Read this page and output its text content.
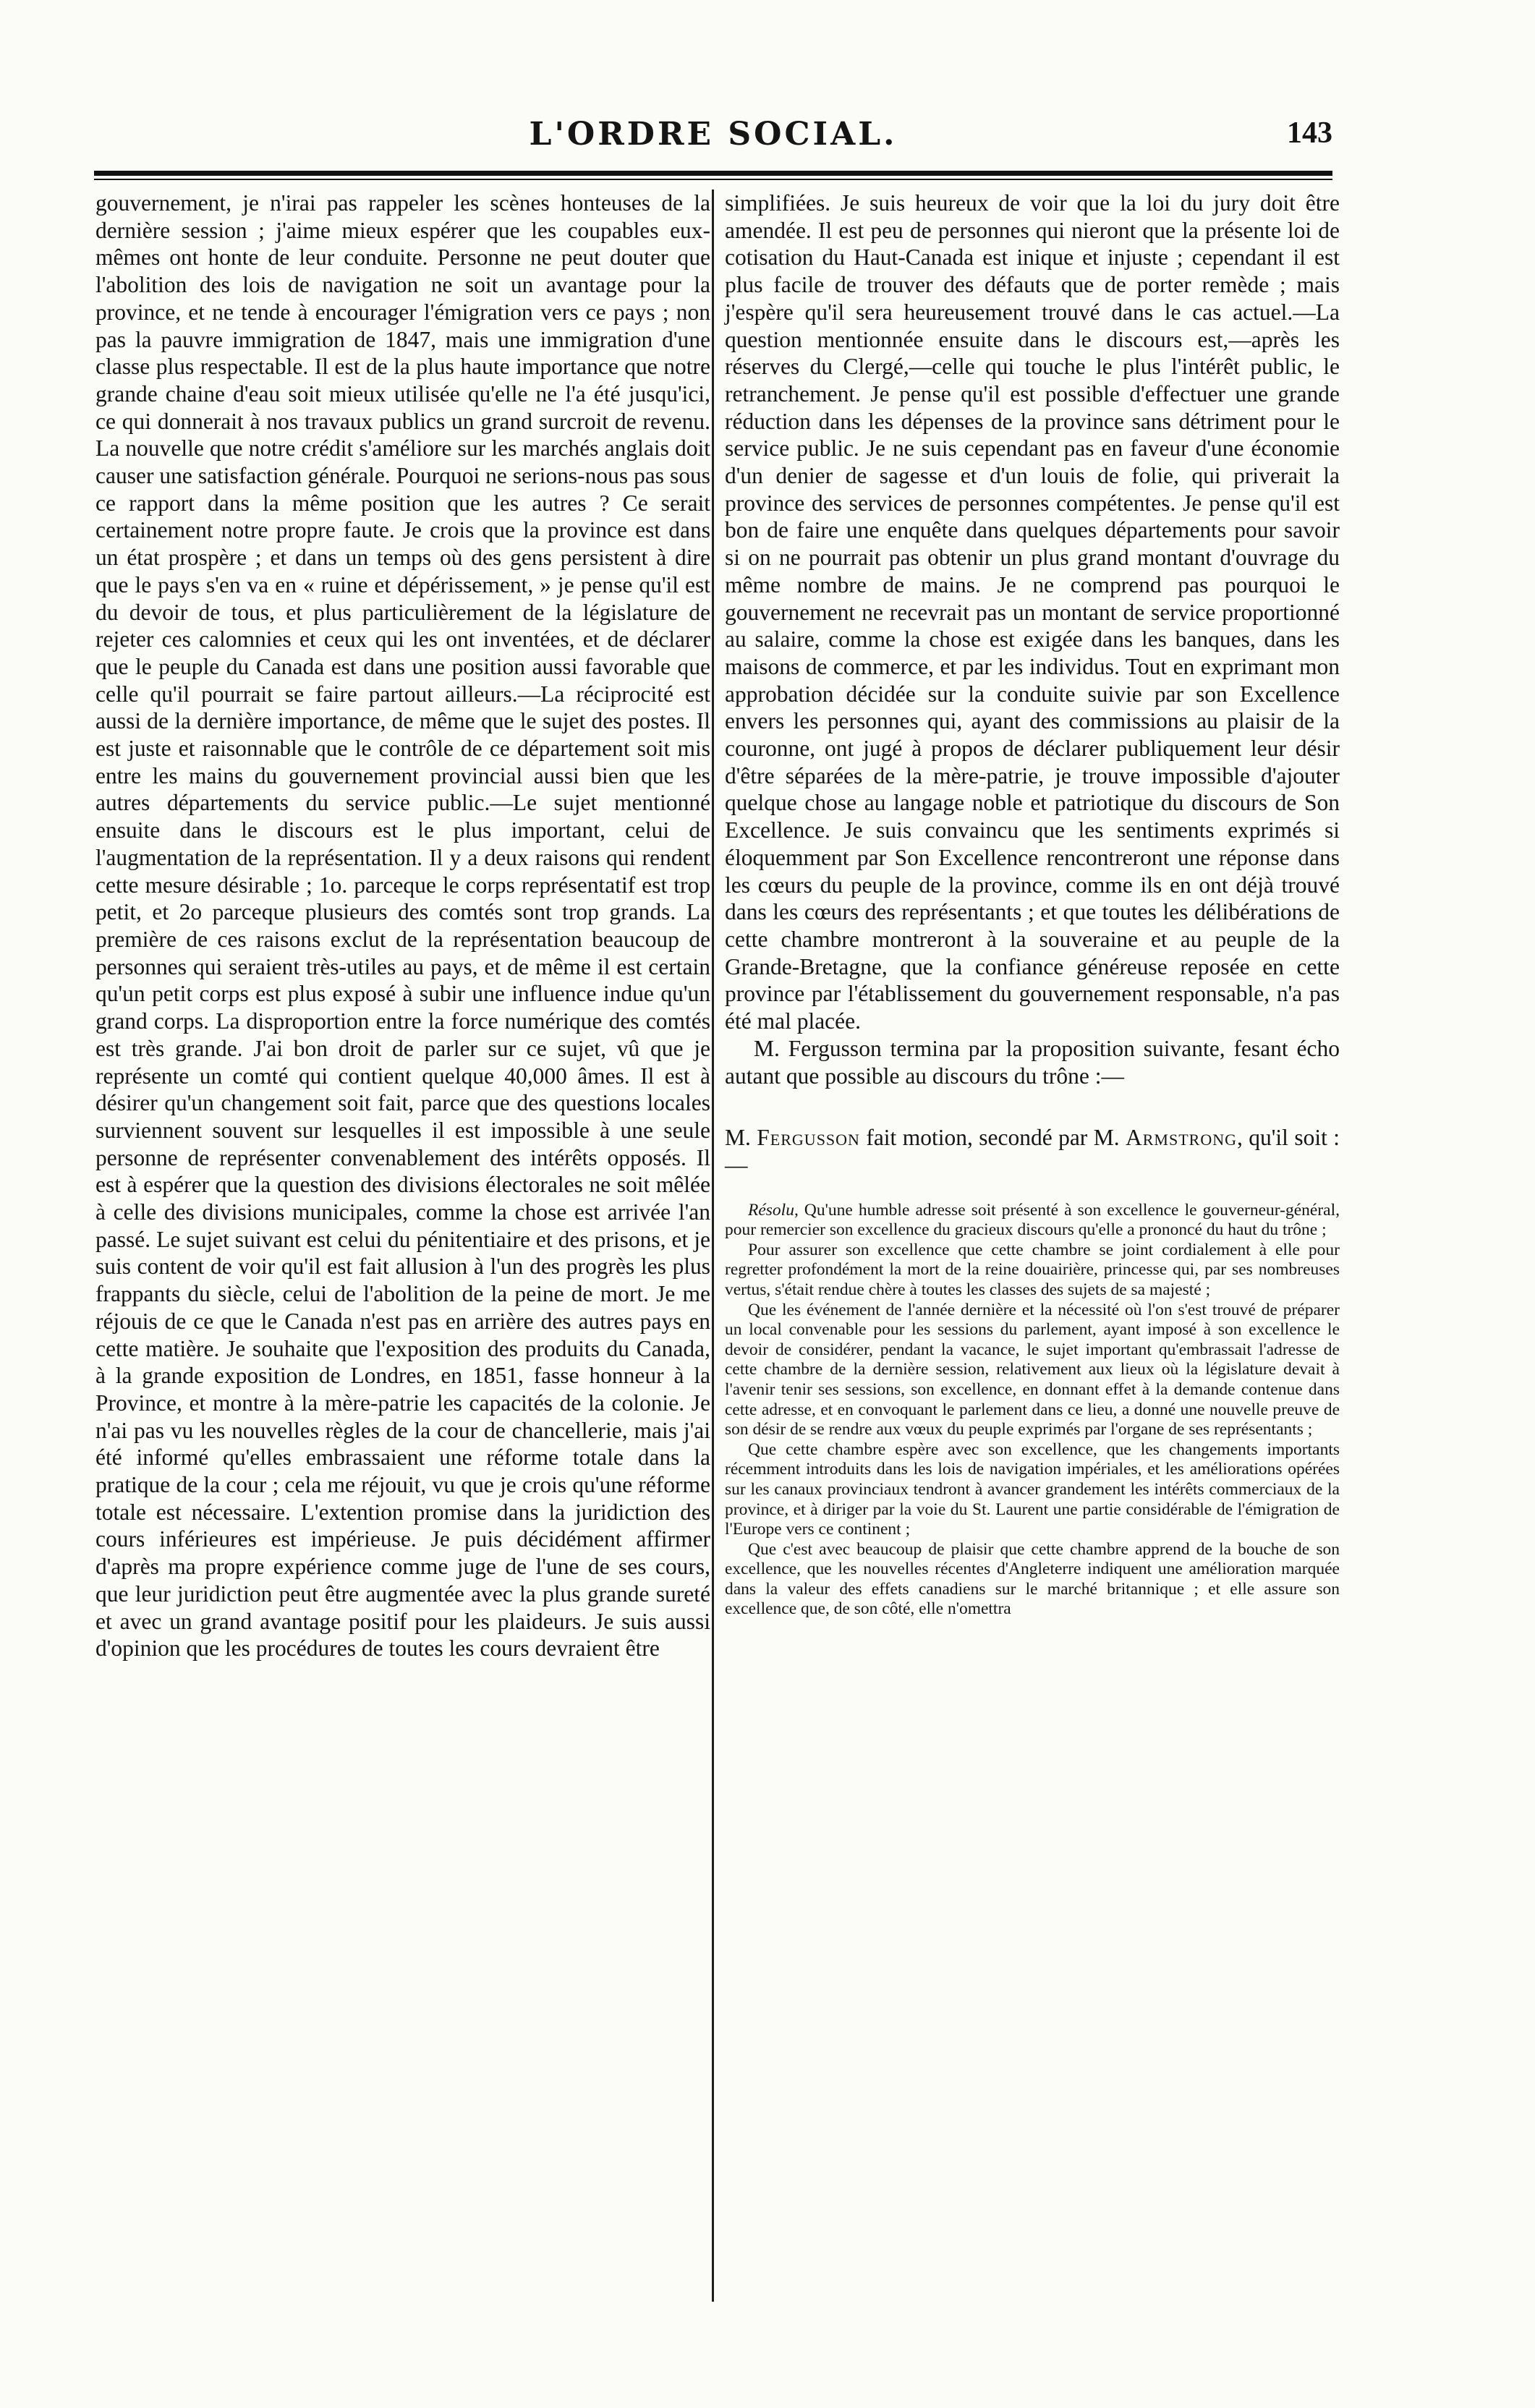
L'ORDRE SOCIAL.	143

gouvernement, je n'irai pas rappeler les scènes honteuses de la dernière session ; j'aime mieux espérer que les coupables eux-mêmes ont honte de leur conduite. Personne ne peut douter que l'abolition des lois de navigation ne soit un avantage pour la province, et ne tende à encourager l'émigration vers ce pays ; non pas la pauvre immigration de 1847, mais une immigration d'une classe plus respectable. Il est de la plus haute importance que notre grande chaine d'eau soit mieux utilisée qu'elle ne l'a été jusqu'ici, ce qui donnerait à nos travaux publics un grand surcroit de revenu. La nouvelle que notre crédit s'améliore sur les marchés anglais doit causer une satisfaction générale. Pourquoi ne serions-nous pas sous ce rapport dans la même position que les autres ? Ce serait certainement notre propre faute. Je crois que la province est dans un état prospère ; et dans un temps où des gens persistent à dire que le pays s'en va en « ruine et dépérissement, » je pense qu'il est du devoir de tous, et plus particulièrement de la législature de rejeter ces calomnies et ceux qui les ont inventées, et de déclarer que le peuple du Canada est dans une position aussi favorable que celle qu'il pourrait se faire partout ailleurs.—La réciprocité est aussi de la dernière importance, de même que le sujet des postes. Il est juste et raisonnable que le contrôle de ce département soit mis entre les mains du gouvernement provincial aussi bien que les autres départements du service public.—Le sujet mentionné ensuite dans le discours est le plus important, celui de l'augmentation de la représentation. Il y a deux raisons qui rendent cette mesure désirable ; 1o. parceque le corps représentatif est trop petit, et 2o parceque plusieurs des comtés sont trop grands. La première de ces raisons exclut de la représentation beaucoup de personnes qui seraient très-utiles au pays, et de même il est certain qu'un petit corps est plus exposé à subir une influence indue qu'un grand corps. La disproportion entre la force numérique des comtés est très grande. J'ai bon droit de parler sur ce sujet, vû que je représente un comté qui contient quelque 40,000 âmes. Il est à désirer qu'un changement soit fait, parce que des questions locales surviennent souvent sur lesquelles il est impossible à une seule personne de représenter convenablement des intérêts opposés. Il est à espérer que la question des divisions électorales ne soit mêlée à celle des divisions municipales, comme la chose est arrivée l'an passé. Le sujet suivant est celui du pénitentiaire et des prisons, et je suis content de voir qu'il est fait allusion à l'un des progrès les plus frappants du siècle, celui de l'abolition de la peine de mort. Je me réjouis de ce que le Canada n'est pas en arrière des autres pays en cette matière. Je souhaite que l'exposition des produits du Canada, à la grande exposition de Londres, en 1851, fasse honneur à la Province, et montre à la mère-patrie les capacités de la colonie. Je n'ai pas vu les nouvelles règles de la cour de chancellerie, mais j'ai été informé qu'elles embrassaient une réforme totale dans la pratique de la cour ; cela me réjouit, vu que je crois qu'une réforme totale est nécessaire. L'extention promise dans la juridiction des cours inférieures est impérieuse. Je puis décidément affirmer d'après ma propre expérience comme juge de l'une de ses cours, que leur juridiction peut être augmentée avec la plus grande sureté et avec un grand avantage positif pour les plaideurs. Je suis aussi d'opinion que les procédures de toutes les cours devraient être

simplifiées. Je suis heureux de voir que la loi du jury doit être amendée. Il est peu de personnes qui nieront que la présente loi de cotisation du Haut-Canada est inique et injuste ; cependant il est plus facile de trouver des défauts que de porter remède ; mais j'espère qu'il sera heureusement trouvé dans le cas actuel.—La question mentionnée ensuite dans le discours est,—après les réserves du Clergé,—celle qui touche le plus l'intérêt public, le retranchement. Je pense qu'il est possible d'effectuer une grande réduction dans les dépenses de la province sans détriment pour le service public. Je ne suis cependant pas en faveur d'une économie d'un denier de sagesse et d'un louis de folie, qui priverait la province des services de personnes compétentes. Je pense qu'il est bon de faire une enquête dans quelques départements pour savoir si on ne pourrait pas obtenir un plus grand montant d'ouvrage du même nombre de mains. Je ne comprend pas pourquoi le gouvernement ne recevrait pas un montant de service proportionné au salaire, comme la chose est exigée dans les banques, dans les maisons de commerce, et par les individus. Tout en exprimant mon approbation décidée sur la conduite suivie par son Excellence envers les personnes qui, ayant des commissions au plaisir de la couronne, ont jugé à propos de déclarer publiquement leur désir d'être séparées de la mère-patrie, je trouve impossible d'ajouter quelque chose au langage noble et patriotique du discours de Son Excellence. Je suis convaincu que les sentiments exprimés si éloquemment par Son Excellence rencontreront une réponse dans les cœurs du peuple de la province, comme ils en ont déjà trouvé dans les cœurs des représentants ; et que toutes les délibérations de cette chambre montreront à la souveraine et au peuple de la Grande-Bretagne, que la confiance généreuse reposée en cette province par l'établissement du gouvernement responsable, n'a pas été mal placée.

M. Fergusson termina par la proposition suivante, fesant écho autant que possible au discours du trône :—

M. Fergusson fait motion, secondé par M. Armstrong, qu'il soit :—

Résolu, Qu'une humble adresse soit présenté à son excellence le gouverneur-général, pour remercier son excellence du gracieux discours qu'elle a prononcé du haut du trône ;

Pour assurer son excellence que cette chambre se joint cordialement à elle pour regretter profondément la mort de la reine douairière, princesse qui, par ses nombreuses vertus, s'était rendue chère à toutes les classes des sujets de sa majesté ;

Que les événement de l'année dernière et la nécessité où l'on s'est trouvé de préparer un local convenable pour les sessions du parlement, ayant imposé à son excellence le devoir de considérer, pendant la vacance, le sujet important qu'embrassait l'adresse de cette chambre de la dernière session, relativement aux lieux où la législature devait à l'avenir tenir ses sessions, son excellence, en donnant effet à la demande contenue dans cette adresse, et en convoquant le parlement dans ce lieu, a donné une nouvelle preuve de son désir de se rendre aux vœux du peuple exprimés par l'organe de ses représentants ;

Que cette chambre espère avec son excellence, que les changements importants récemment introduits dans les lois de navigation impériales, et les améliorations opérées sur les canaux provinciaux tendront à avancer grandement les intérêts commerciaux de la province, et à diriger par la voie du St. Laurent une partie considérable de l'émigration de l'Europe vers ce continent ;

Que c'est avec beaucoup de plaisir que cette chambre apprend de la bouche de son excellence, que les nouvelles récentes d'Angleterre indiquent une amélioration marquée dans la valeur des effets canadiens sur le marché britannique ; et elle assure son excellence que, de son côté, elle n'omettra
